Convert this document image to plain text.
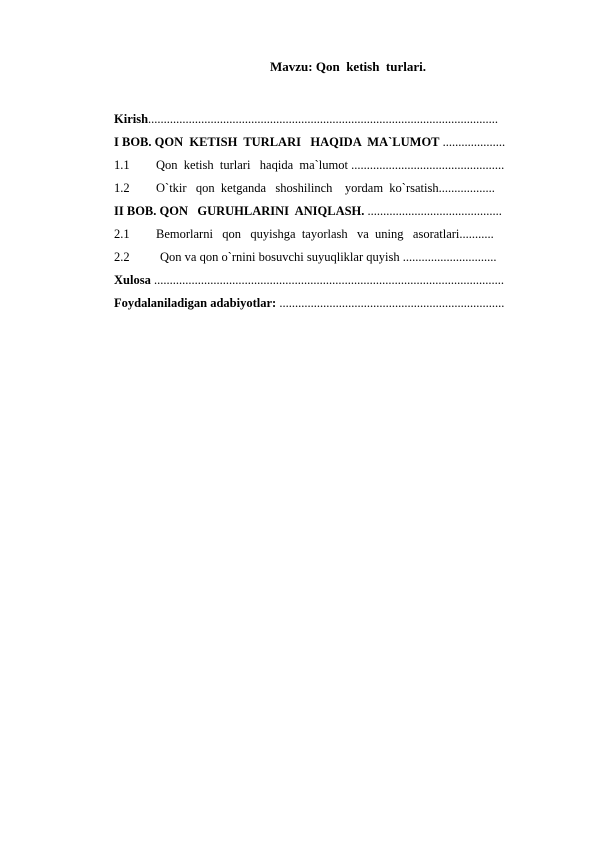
Mavzu: Qon  ketish  turlari.
Kirish................................................................................................................
I BOB. QON  KETISH  TURLARI   HAQIDA  MA`LUMOT ....................
1.1 Qon  ketish  turlari   haqida  ma`lumot .................................................
1.2 O`tkir   qon  ketganda   shoshilinch    yordam  ko`rsatish..................
II BOB. QON   GURUHLARINI  ANIQLASH. ...........................................
2.1 Bemorlarni   qon   quyishga  tayorlash   va  uning   asoratlari...........
2.2 Qon va qon o`rnini bosuvchi suyuqliklar quyish ..............................
Xulosa ................................................................................................................
Foydalaniladigan adabiyotlar: ........................................................................
